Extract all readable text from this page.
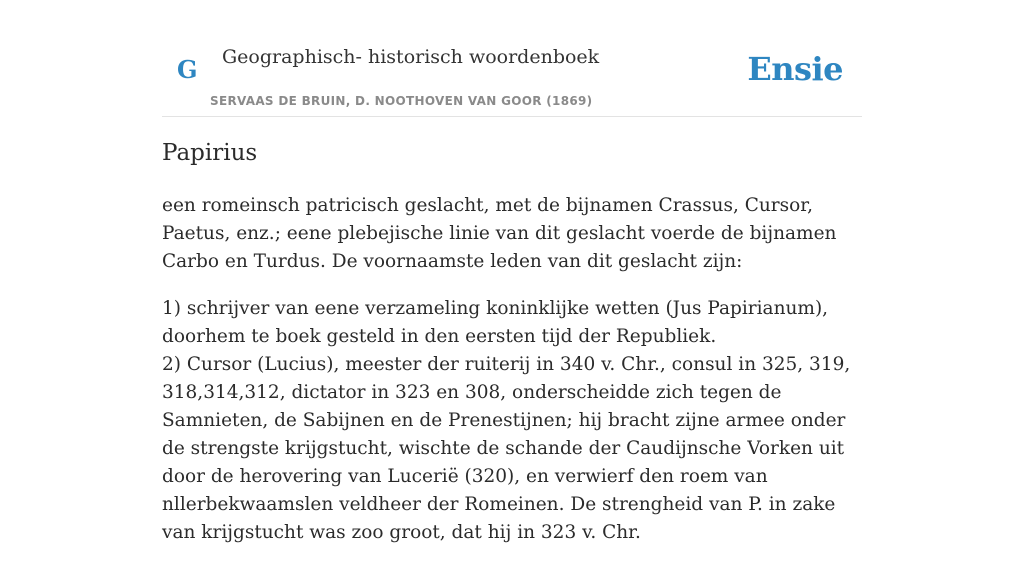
G Geographisch- historisch woordenboek
SERVAAS DE BRUIN, D. NOOTHOVEN VAN GOOR (1869)
Ensie
Papirius

een romeinsch patricisch geslacht, met de bijnamen Crassus, Cursor, Paetus, enz.; eene plebejische linie van dit geslacht voerde de bijnamen Carbo en Turdus. De voornaamste leden van dit geslacht zijn:

1) schrijver van eene verzameling koninklijke wetten (Jus Papirianum), doorhem te boek gesteld in den eersten tijd der Republiek.
2) Cursor (Lucius), meester der ruiterij in 340 v. Chr., consul in 325, 319, 318,314,312, dictator in 323 en 308, onderscheidde zich tegen de Samnieten, de Sabijnen en de Prenestijnen; hij bracht zijne armee onder de strengste krijgstucht, wischte de schande der Caudijnsche Vorken uit door de herovering van Lucerië (320), en verwierf den roem van nllerbekwaamslen veldheer der Romeinen. De strengheid van P. in zake van krijgstucht was zoo groot, dat hij in 323 v. Chr.
